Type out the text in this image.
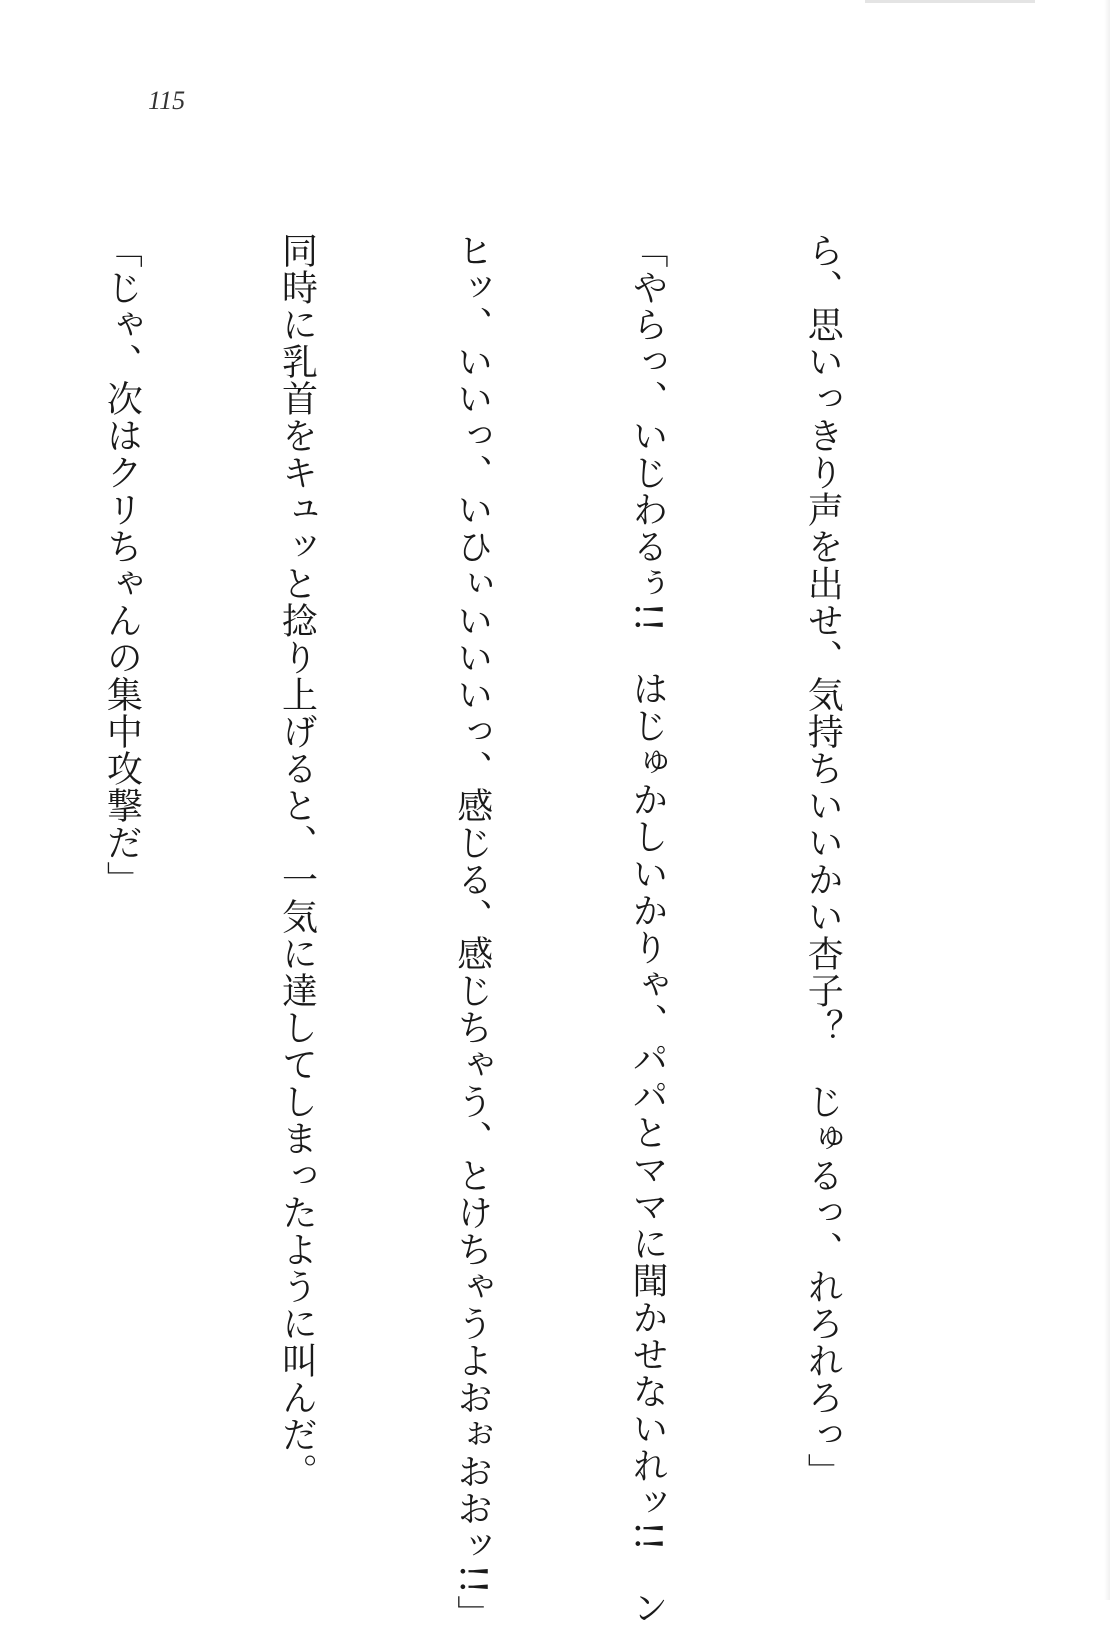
115

ら、思いっきり声を出せ、気持ちいいかい杏子？　じゅるっ、れろれろっ」

「やらっ、いじわるぅ!!　はじゅかしいかりゃ、パパとママに聞かせないれッ!!　ン

ヒッ、いいっ、いひぃいいいっ、感じる、感じちゃう、とけちゃうよおぉおおッ!!」

同時に乳首をキュッと捻り上げると、一気に達してしまったように叫んだ。

「じゃ、次はクリちゃんの集中攻撃だ」
